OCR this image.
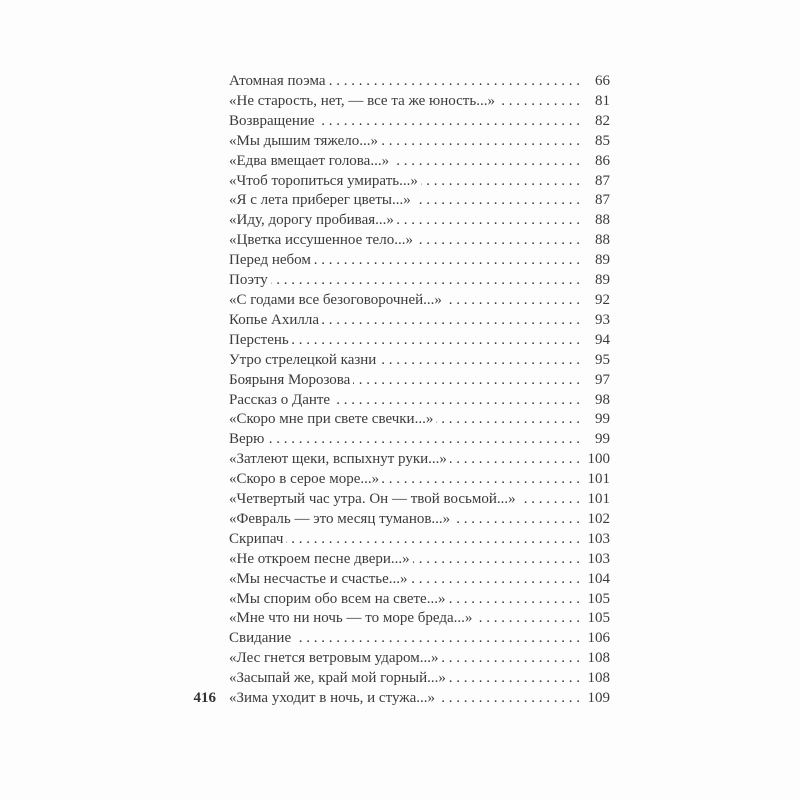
416
Атомная поэма . . .	66
«Не старость, нет, — все та же юность...» . . .	81
Возвращение . . .	82
«Мы дышим тяжело...» . . .	85
«Едва вмещает голова...» . . .	86
«Чтоб торопиться умирать...» . . .	87
«Я с лета приберег цветы...» . . .	87
«Иду, дорогу пробивая...» . . .	88
«Цветка иссушенное тело...» . . .	88
Перед небом . . .	89
Поэту . . .	89
«С годами все безоговорочней...» . . .	92
Копье Ахилла . . .	93
Перстень . . .	94
Утро стрелецкой казни . . .	95
Боярыня Морозова . . .	97
Рассказ о Данте . . .	98
«Скоро мне при свете свечки...» . . .	99
Верю . . .	99
«Затлеют щеки, вспыхнут руки...» . . .	100
«Скоро в серое море...» . . .	101
«Четвертый час утра. Он — твой восьмой...» . . .	101
«Февраль — это месяц туманов...» . . .	102
Скрипач . . .	103
«Не откроем песне двери...» . . .	103
«Мы несчастье и счастье...» . . .	104
«Мы спорим обо всем на свете...» . . .	105
«Мне что ни ночь — то море бреда...» . . .	105
Свидание . . .	106
«Лес гнется ветровым ударом...» . . .	108
«Засыпай же, край мой горный...» . . .	108
«Зима уходит в ночь, и стужа...» . . .	109
